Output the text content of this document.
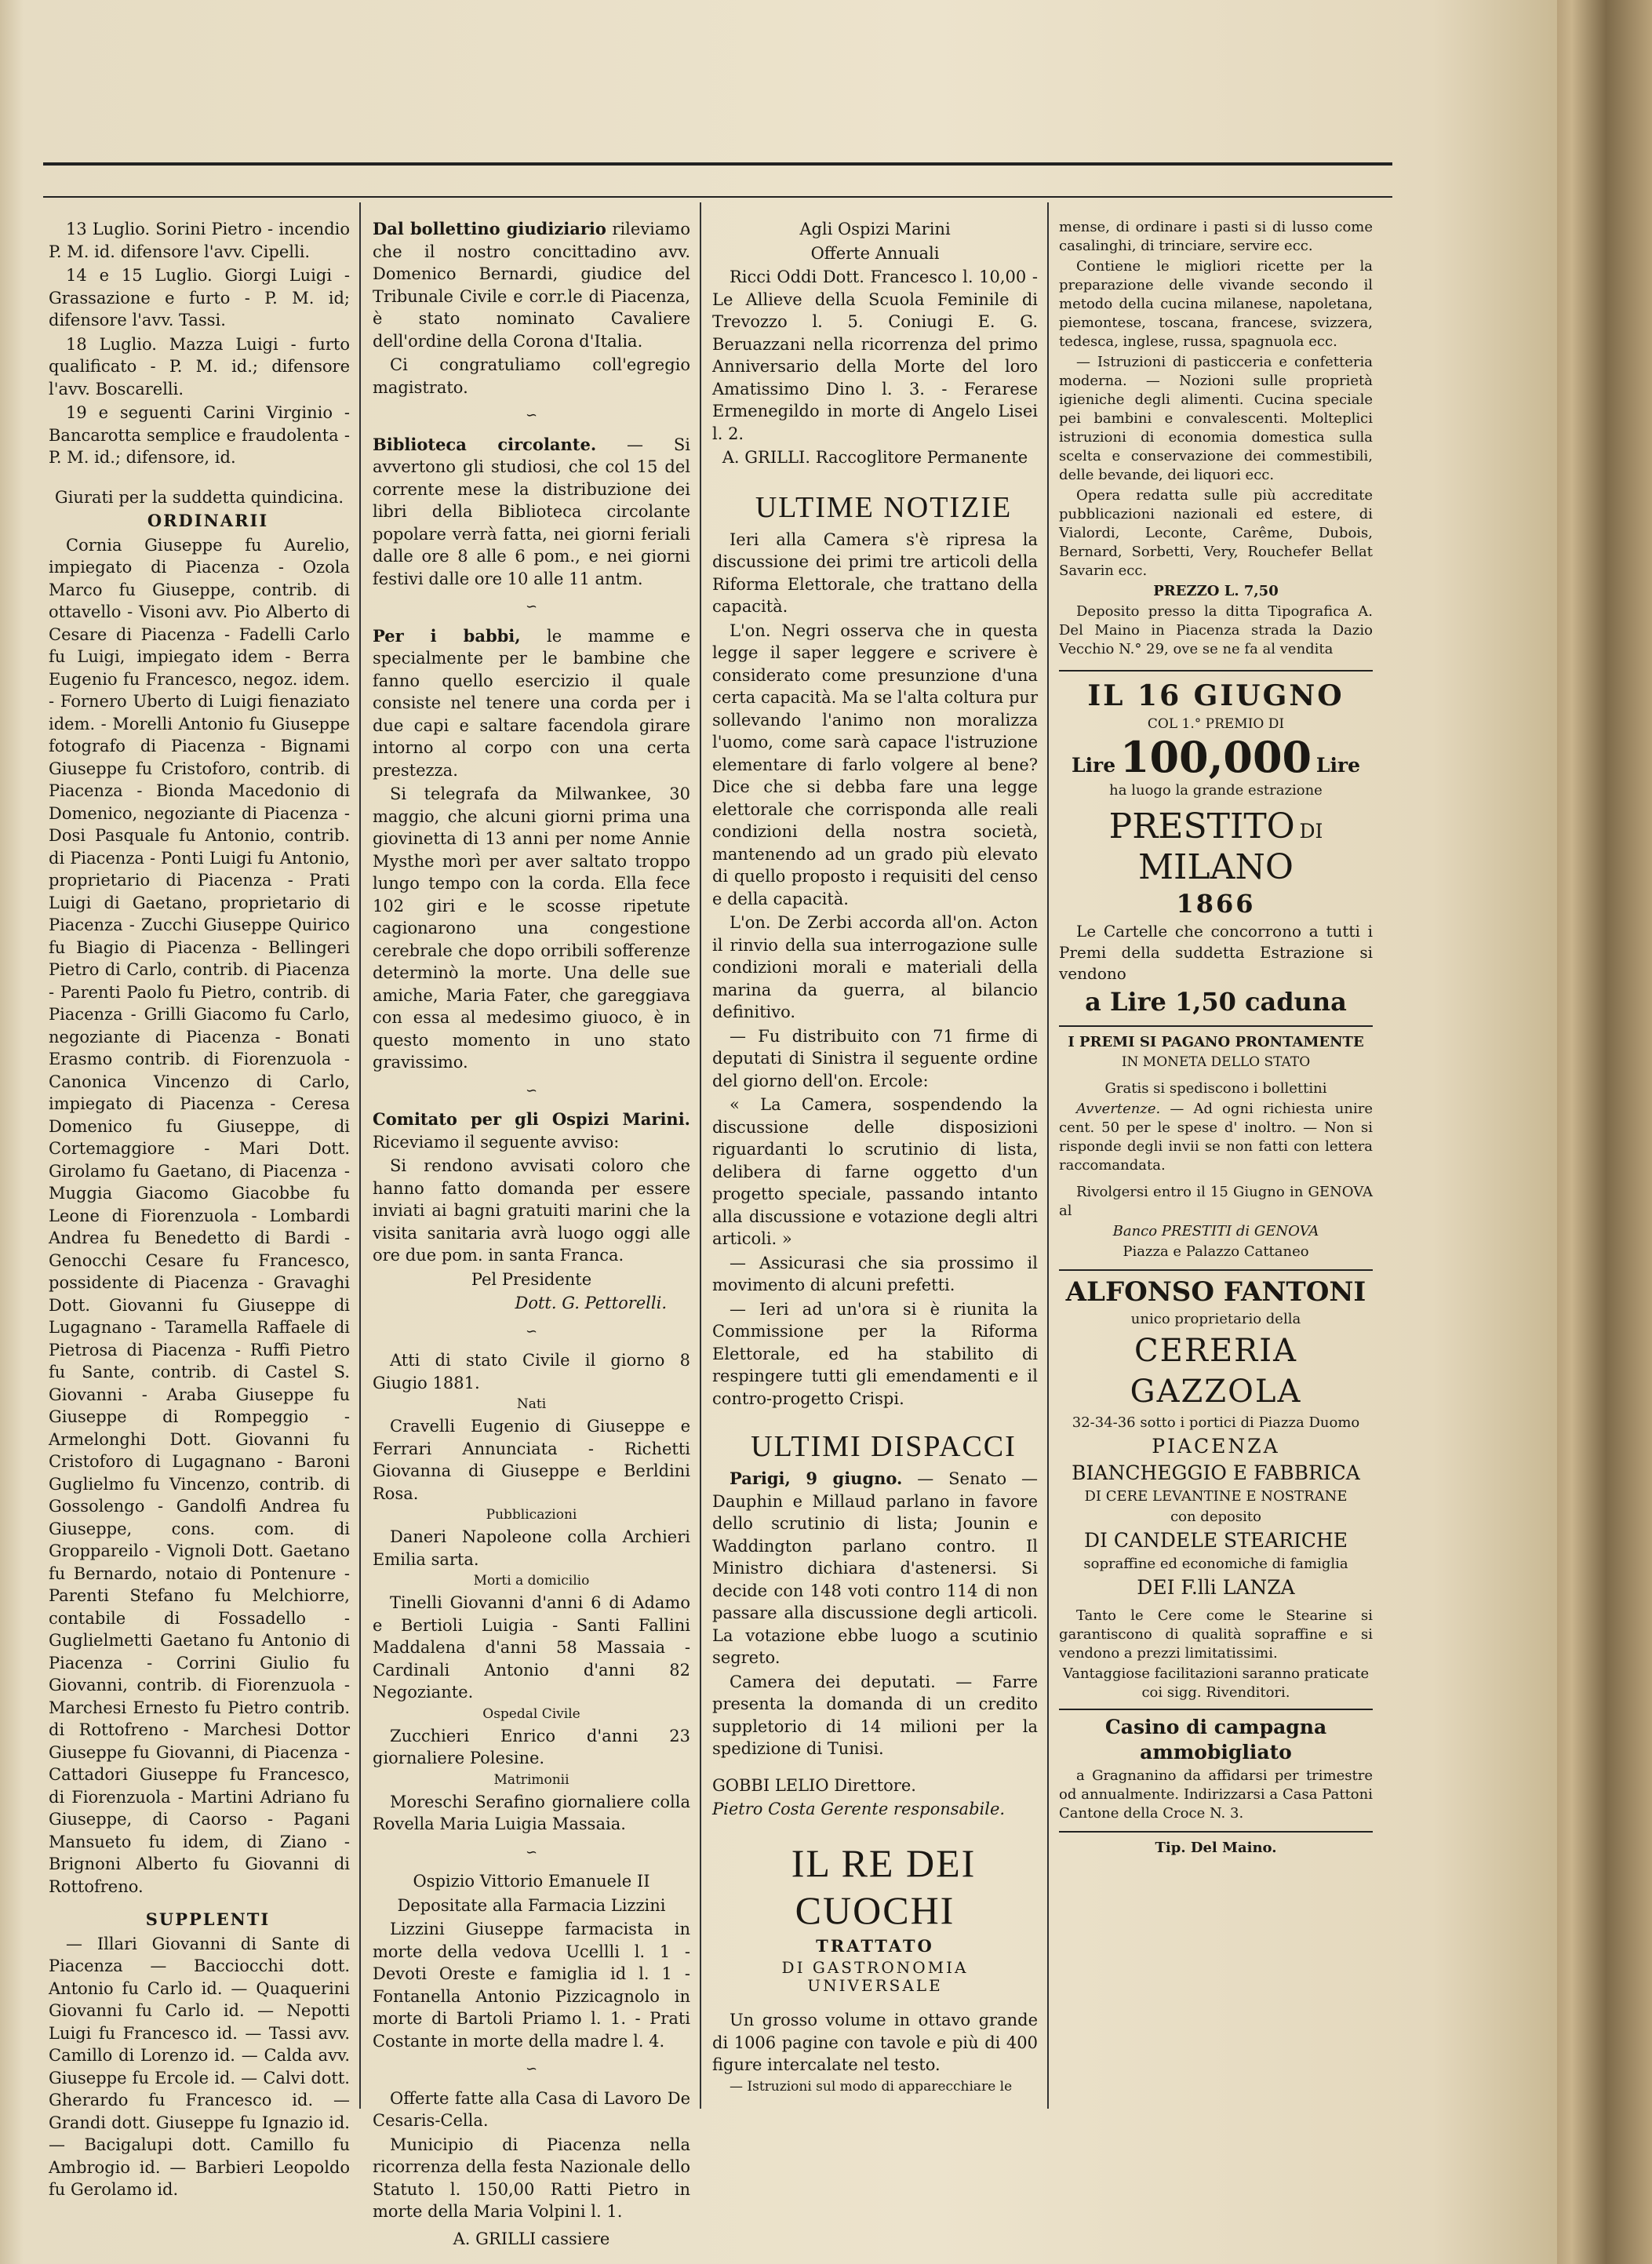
13 Luglio. Sorini Pietro - incendio P. M. id. difensore l'avv. Cipelli.

14 e 15 Luglio. Giorgi Luigi - Grassazione e furto - P. M. id; difensore l'avv. Tassi.

18 Luglio. Mazza Luigi - furto qualificato - P. M. id.; difensore l'avv. Boscarelli.

19 e seguenti Carini Virginio - Bancarotta semplice e fraudolenta - P. M. id.; difensore, id.

Giurati per la suddetta quindicina.

ORDINARII

Cornia Giuseppe fu Aurelio, impiegato di Piacenza - Ozola Marco fu Giuseppe, contrib. di ottavello - Visoni avv. Pio Alberto di Cesare di Piacenza - Fadelli Carlo fu Luigi, impiegato idem - Berra Eugenio fu Francesco, negoz. idem. - Fornero Uberto di Luigi fienaziato idem. - Morelli Antonio fu Giuseppe fotografo di Piacenza - Bignami Giuseppe fu Cristoforo, contrib. di Piacenza - Bionda Macedonio di Domenico, negoziante di Piacenza - Dosi Pasquale fu Antonio, contrib. di Piacenza - Ponti Luigi fu Antonio, proprietario di Piacenza - Prati Luigi di Gaetano, proprietario di Piacenza - Zucchi Giuseppe Quirico fu Biagio di Piacenza - Bellingeri Pietro di Carlo, contrib. di Piacenza - Parenti Paolo fu Pietro, contrib. di Piacenza - Grilli Giacomo fu Carlo, negoziante di Piacenza - Bonati Erasmo contrib. di Fiorenzuola - Canonica Vincenzo di Carlo, impiegato di Piacenza - Ceresa Domenico fu Giuseppe, di Cortemaggiore - Mari Dott. Girolamo fu Gaetano, di Piacenza - Muggia Giacomo Giacobbe fu Leone di Fiorenzuola - Lombardi Andrea fu Benedetto di Bardi - Genocchi Cesare fu Francesco, possidente di Piacenza - Gravaghi Dott. Giovanni fu Giuseppe di Lugagnano - Taramella Raffaele di Pietrosa di Piacenza - Ruffi Pietro fu Sante, contrib. di Castel S. Giovanni - Araba Giuseppe fu Giuseppe di Rompeggio - Armelonghi Dott. Giovanni fu Cristoforo di Lugagnano - Baroni Guglielmo fu Vincenzo, contrib. di Gossolengo - Gandolfi Andrea fu Giuseppe, cons. com. di Groppareilo - Vignoli Dott. Gaetano fu Bernardo, notaio di Pontenure - Parenti Stefano fu Melchiorre, contabile di Fossadello - Guglielmetti Gaetano fu Antonio di Piacenza - Corrini Giulio fu Giovanni, contrib. di Fiorenzuola - Marchesi Ernesto fu Pietro contrib. di Rottofreno - Marchesi Dottor Giuseppe fu Giovanni, di Piacenza - Cattadori Giuseppe fu Francesco, di Fiorenzuola - Martini Adriano fu Giuseppe, di Caorso - Pagani Mansueto fu idem, di Ziano - Brignoni Alberto fu Giovanni di Rottofreno.

SUPPLENTI

— Illari Giovanni di Sante di Piacenza — Bacciocchi dott. Antonio fu Carlo id. — Quaquerini Giovanni fu Carlo id. — Nepotti Luigi fu Francesco id. — Tassi avv. Camillo di Lorenzo id. — Calda avv. Giuseppe fu Ercole id. — Calvi dott. Gherardo fu Francesco id. — Grandi dott. Giuseppe fu Ignazio id. — Bacigalupi dott. Camillo fu Ambrogio id. — Barbieri Leopoldo fu Gerolamo id.

Dal bollettino giudiziario rileviamo che il nostro concittadino avv. Domenico Bernardi, giudice del Tribunale Civile e corr.le di Piacenza, è stato nominato Cavaliere dell'ordine della Corona d'Italia.

Ci congratuliamo coll'egregio magistrato.

∽

Biblioteca circolante. — Si avvertono gli studiosi, che col 15 del corrente mese la distribuzione dei libri della Biblioteca circolante popolare verrà fatta, nei giorni feriali dalle ore 8 alle 6 pom., e nei giorni festivi dalle ore 10 alle 11 antm.

∽

Per i babbi, le mamme e specialmente per le bambine che fanno quello esercizio il quale consiste nel tenere una corda per i due capi e saltare facendola girare intorno al corpo con una certa prestezza.

Si telegrafa da Milwankee, 30 maggio, che alcuni giorni prima una giovinetta di 13 anni per nome Annie Mysthe morì per aver saltato troppo lungo tempo con la corda. Ella fece 102 giri e le scosse ripetute cagionarono una congestione cerebrale che dopo orribili sofferenze determinò la morte. Una delle sue amiche, Maria Fater, che gareggiava con essa al medesimo giuoco, è in questo momento in uno stato gravissimo.

∽

Comitato per gli Ospizi Marini. Riceviamo il seguente avviso:

Si rendono avvisati coloro che hanno fatto domanda per essere inviati ai bagni gratuiti marini che la visita sanitaria avrà luogo oggi alle ore due pom. in santa Franca.

Pel Presidente

Dott. G. Pettorelli.

∽

Atti di stato Civile il giorno 8 Giugio 1881.

Nati

Cravelli Eugenio di Giuseppe e Ferrari Annunciata - Richetti Giovanna di Giuseppe e Berldini Rosa.

Pubblicazioni

Daneri Napoleone colla Archieri Emilia sarta.

Morti a domicilio

Tinelli Giovanni d'anni 6 di Adamo e Bertioli Luigia - Santi Fallini Maddalena d'anni 58 Massaia - Cardinali Antonio d'anni 82 Negoziante.

Ospedal Civile

Zucchieri Enrico d'anni 23 giornaliere Polesine.

Matrimonii

Moreschi Serafino giornaliere colla Rovella Maria Luigia Massaia.

∽

Ospizio Vittorio Emanuele II

Depositate alla Farmacia Lizzini

Lizzini Giuseppe farmacista in morte della vedova Ucellli l. 1 - Devoti Oreste e famiglia id l. 1 - Fontanella Antonio Pizzicagnolo in morte di Bartoli Priamo l. 1. - Prati Costante in morte della madre l. 4.

∽

Offerte fatte alla Casa di Lavoro De Cesaris-Cella.

Municipio di Piacenza nella ricorrenza della festa Nazionale dello Statuto l. 150,00 Ratti Pietro in morte della Maria Volpini l. 1.

A. GRILLI cassiere

Agli Ospizi Marini

Offerte Annuali

Ricci Oddi Dott. Francesco l. 10,00 - Le Allieve della Scuola Feminile di Trevozzo l. 5. Coniugi E. G. Beruazzani nella ricorrenza del primo Anniversario della Morte del loro Amatissimo Dino l. 3. - Ferarese Ermenegildo in morte di Angelo Lisei l. 2.

A. GRILLI. Raccoglitore Permanente

ULTIME NOTIZIE

Ieri alla Camera s'è ripresa la discussione dei primi tre articoli della Riforma Elettorale, che trattano della capacità.

L'on. Negri osserva che in questa legge il saper leggere e scrivere è considerato come presunzione d'una certa capacità. Ma se l'alta coltura pur sollevando l'animo non moralizza l'uomo, come sarà capace l'istruzione elementare di farlo volgere al bene? Dice che si debba fare una legge elettorale che corrisponda alle reali condizioni della nostra società, mantenendo ad un grado più elevato di quello proposto i requisiti del censo e della capacità.

L'on. De Zerbi accorda all'on. Acton il rinvio della sua interrogazione sulle condizioni morali e materiali della marina da guerra, al bilancio definitivo.

— Fu distribuito con 71 firme di deputati di Sinistra il seguente ordine del giorno dell'on. Ercole:

« La Camera, sospendendo la discussione delle disposizioni riguardanti lo scrutinio di lista, delibera di farne oggetto d'un progetto speciale, passando intanto alla discussione e votazione degli altri articoli. »

— Assicurasi che sia prossimo il movimento di alcuni prefetti.

— Ieri ad un'ora si è riunita la Commissione per la Riforma Elettorale, ed ha stabilito di respingere tutti gli emendamenti e il contro-progetto Crispi.

ULTIMI DISPACCI

Parigi, 9 giugno. — Senato — Dauphin e Millaud parlano in favore dello scrutinio di lista; Jounin e Waddington parlano contro. Il Ministro dichiara d'astenersi. Si decide con 148 voti contro 114 di non passare alla discussione degli articoli. La votazione ebbe luogo a scutinio segreto.

Camera dei deputati. — Farre presenta la domanda di un credito suppletorio di 14 milioni per la spedizione di Tunisi.

GOBBI LELIO Direttore.

Pietro Costa Gerente responsabile.

IL RE DEI CUOCHI

TRATTATO

DI GASTRONOMIA UNIVERSALE

Un grosso volume in ottavo grande di 1006 pagine con tavole e più di 400 figure intercalate nel testo.

— Istruzioni sul modo di apparecchiare le

mense, di ordinare i pasti si di lusso come casalinghi, di trinciare, servire ecc.

Contiene le migliori ricette per la preparazione delle vivande secondo il metodo della cucina milanese, napoletana, piemontese, toscana, francese, svizzera, tedesca, inglese, russa, spagnuola ecc.

— Istruzioni di pasticceria e confetteria moderna. — Nozioni sulle proprietà igieniche degli alimenti. Cucina speciale pei bambini e convalescenti. Molteplici istruzioni di economia domestica sulla scelta e conservazione dei commestibili, delle bevande, dei liquori ecc.

Opera redatta sulle più accreditate pubblicazioni nazionali ed estere, di Vialordi, Leconte, Carême, Dubois, Bernard, Sorbetti, Very, Rouchefer Bellat Savarin ecc.

PREZZO L. 7,50

Deposito presso la ditta Tipografica A. Del Maino in Piacenza strada la Dazio Vecchio N.° 29, ove se ne fa al vendita

IL 16 GIUGNO

COL 1.° PREMIO DI

Lire 100,000 Lire

ha luogo la grande estrazione

PRESTITO DI MILANO

1866

Le Cartelle che concorrono a tutti i Premi della suddetta Estrazione si vendono

a Lire 1,50 caduna

I PREMI SI PAGANO PRONTAMENTE

IN MONETA DELLO STATO

Gratis si spediscono i bollettini

Avvertenze. — Ad ogni richiesta unire cent. 50 per le spese d' inoltro. — Non si risponde degli invii se non fatti con lettera raccomandata.

Rivolgersi entro il 15 Giugno in GENOVA al

Banco PRESTITI di GENOVA

Piazza e Palazzo Cattaneo

ALFONSO FANTONI

unico proprietario della

CERERIA GAZZOLA

32-34-36 sotto i portici di Piazza Duomo

PIACENZA

BIANCHEGGIO E FABBRICA

DI CERE LEVANTINE E NOSTRANE

con deposito

DI CANDELE STEARICHE

sopraffine ed economiche di famiglia

DEI F.lli LANZA

Tanto le Cere come le Stearine si garantiscono di qualità sopraffine e si vendono a prezzi limitatissimi.

Vantaggiose facilitazioni saranno praticate coi sigg. Rivenditori.

Casino di campagna ammobigliato

a Gragnanino da affidarsi per trimestre od annualmente. Indirizzarsi a Casa Pattoni Cantone della Croce N. 3.

Tip. Del Maino.
